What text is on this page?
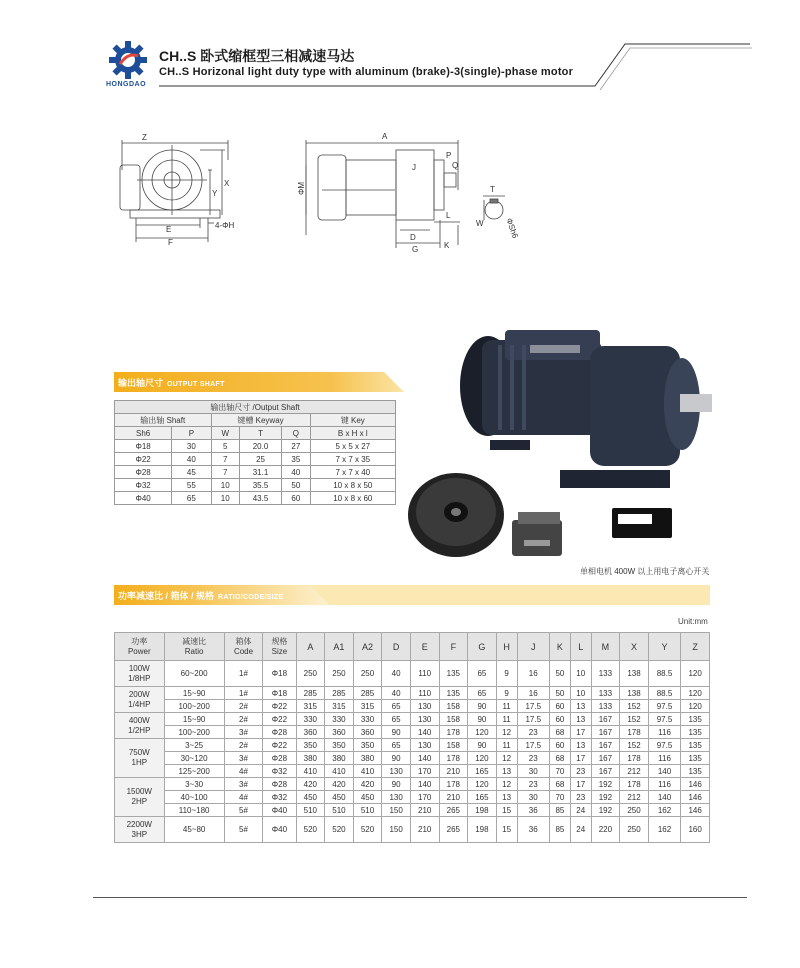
HONGDAO
CH..S 卧式缩框型三相减速马达
CH..S Horizonal light duty type with aluminum (brake)-3(single)-phase motor
Z
X
Y
E
F
4-ΦH
A
ΦM
J
P
Q
L
D
G	K
T
W	ΦSh6
单相电机 400W 以上用电子离心开关
输出轴尺寸 OUTPUT SHAFT
输出轴尺寸 /Output Shaft					
输出轴 Shaft		键槽 Keyway			键 Key
Sh6	P	W	T	Q	B x H x l
Φ18	30	5	20.0	27	5 x 5 x 27
Φ22	40	7	25	35	7 x 7 x 35
Φ28	45	7	31.1	40	7 x 7 x 40
Φ32	55	10	35.5	50	10 x 8 x 50
Φ40	65	10	43.5	60	10 x 8 x 60
功率减速比 / 箱体 / 规格 RATIO/CODE/SIZE
Unit:mm
功率
Power	减速比
Ratio	箱体
Code	规格
Size	A	A1	A2	D	E	F	G	H	J	K	L	M	X	Y	Z
100W
1/8HP	60~200	1#	Φ18	250	250	250	40	110	135	65	9	16	50	10	133	138	88.5	120
200W
1/4HP	15~90	1#	Φ18	285	285	285	40	110	135	65	9	16	50	10	133	138	88.5	120
	100~200	2#	Φ22	315	315	315	65	130	158	90	11	17.5	60	13	133	152	97.5	120
400W
1/2HP	15~90	2#	Φ22	330	330	330	65	130	158	90	11	17.5	60	13	167	152	97.5	135
	100~200	3#	Φ28	360	360	360	90	140	178	120	12	23	68	17	167	178	116	135
750W
1HP	3~25	2#	Φ22	350	350	350	65	130	158	90	11	17.5	60	13	167	152	97.5	135
	30~120	3#	Φ28	380	380	380	90	140	178	120	12	23	68	17	167	178	116	135
	125~200	4#	Φ32	410	410	410	130	170	210	165	13	30	70	23	167	212	140	135
1500W
2HP	3~30	3#	Φ28	420	420	420	90	140	178	120	12	23	68	17	192	178	116	146
	40~100	4#	Φ32	450	450	450	130	170	210	165	13	30	70	23	192	212	140	146
	110~180	5#	Φ40	510	510	510	150	210	265	198	15	36	85	24	192	250	162	146
2200W
3HP	45~80	5#	Φ40	520	520	520	150	210	265	198	15	36	85	24	220	250	162	160
